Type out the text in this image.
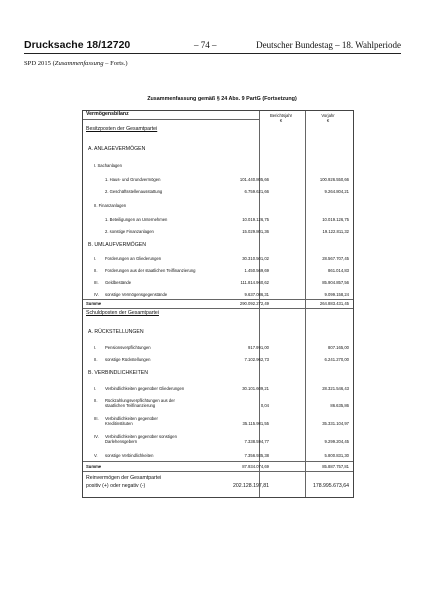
Drucksache 18/12720	– 74 –	Deutscher Bundestag – 18. Wahlperiode
SPD 2015 (Zusammenfassung – Forts.)
Zusammenfassung gemäß § 24 Abs. 9 PartG (Fortsetzung)
Vermögensbilanz	Berichtsjahr
€
Vorjahr
€
Besitzposten der Gesamtpartei
A. ANLAGEVERMÖGEN
I. Sachanlagen
1. Haus- und Grundvermögen	101.440.805,66	100.926.550,66
2. Geschäftsstellenausstattung	6.759.621,66	9.264.804,21
II. Finanzanlagen
1. Beteiligungen an Unternehmen	10.019.126,75	10.019.126,75
2. sonstige Finanzanlagen	15.029.801,36	19.122.811,32
B. UMLAUFVERMÖGEN
I. Forderungen an Gliederungen	30.310.501,02	28.567.707,45
II. Forderungen aus der staatlichen Teilfinanzierung	1.450.569,69	861.014,83
III. Geldbestände	111.814.960,62	85.904.857,56
IV. sonstige Vermögensgegenstände	9.637.086,31	9.099.158,24
Summe	290.092.272,49	264.883.431,45
Schuldposten der Gesamtpartei
A. RÜCKSTELLUNGEN
I. Pensionsverpflichtungen	917.991,00	807.165,00
II. sonstige Rückstellungen	7.102.962,73	6.241.270,00
B. VERBINDLICHKEITEN
I. Verbindlichkeiten gegenüber Gliederungen	30.101.609,21	28.321.546,43
II. Rückzahlungsverpflichtungen aus der
staatlichen Teilfinanzierung	0,04	86.635,86
III. Verbindlichkeiten gegenüber
Kreditinstituten	35.115.981,55	35.331.104,97
IV. Verbindlichkeiten gegenüber sonstigen
Darlehensgebern	7.338.594,77	9.299.204,45
V. sonstige Verbindlichkeiten	7.356.935,38	5.800.831,30
Summe	87.934.074,69	85.887.757,81
Reinvermögen der Gesamtpartei
positiv (+) oder negativ (-)	202.128.197,81	178.995.673,64
